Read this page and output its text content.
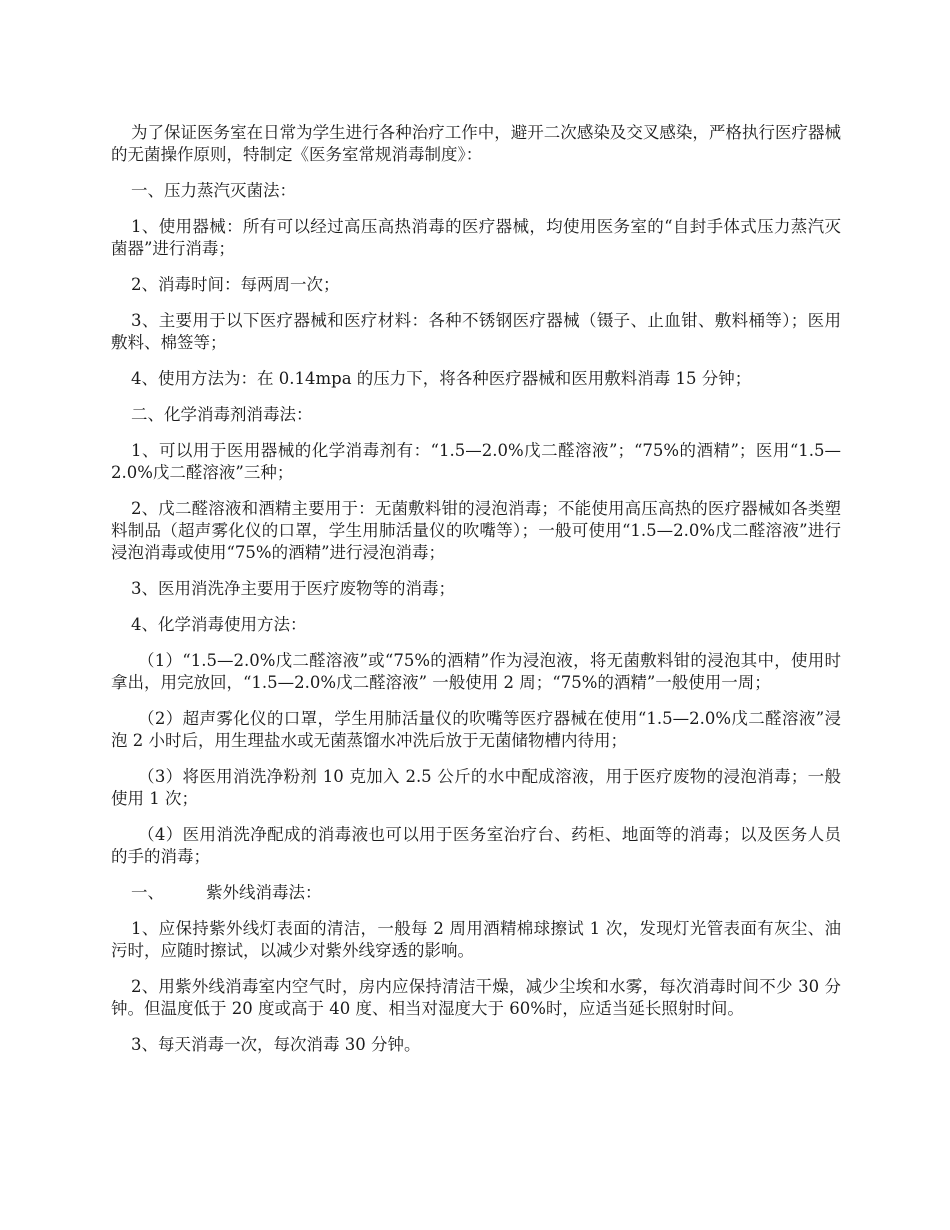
为了保证医务室在日常为学生进行各种治疗工作中，避开二次感染及交叉感染，严格执行医疗器械的无菌操作原则，特制定《医务室常规消毒制度》：

一、压力蒸汽灭菌法：

1、使用器械：所有可以经过高压高热消毒的医疗器械，均使用医务室的“自封手体式压力蒸汽灭菌器”进行消毒；

2、消毒时间：每两周一次；

3、主要用于以下医疗器械和医疗材料：各种不锈钢医疗器械（镊子、止血钳、敷料桶等）；医用敷料、棉签等；

4、使用方法为：在 0.14mpa 的压力下，将各种医疗器械和医用敷料消毒 15 分钟；

二、化学消毒剂消毒法：

1、可以用于医用器械的化学消毒剂有：“1.5—2.0%戊二醛溶液”；“75%的酒精”；医用“1.5—2.0%戊二醛溶液”三种；

2、戊二醛溶液和酒精主要用于：无菌敷料钳的浸泡消毒；不能使用高压高热的医疗器械如各类塑料制品（超声雾化仪的口罩，学生用肺活量仪的吹嘴等）；一般可使用“1.5—2.0%戊二醛溶液”进行浸泡消毒或使用“75%的酒精”进行浸泡消毒；

3、医用消洗净主要用于医疗废物等的消毒；

4、化学消毒使用方法：

（1）“1.5—2.0%戊二醛溶液”或“75%的酒精”作为浸泡液，将无菌敷料钳的浸泡其中，使用时拿出，用完放回，“1.5—2.0%戊二醛溶液” 一般使用 2 周；“75%的酒精”一般使用一周；

（2）超声雾化仪的口罩，学生用肺活量仪的吹嘴等医疗器械在使用“1.5—2.0%戊二醛溶液”浸泡 2 小时后，用生理盐水或无菌蒸馏水冲洗后放于无菌储物槽内待用；

（3）将医用消洗净粉剂 10 克加入 2.5 公斤的水中配成溶液，用于医疗废物的浸泡消毒；一般使用 1 次；

（4）医用消洗净配成的消毒液也可以用于医务室治疗台、药柜、地面等的消毒；以及医务人员的手的消毒；

一、        紫外线消毒法：

1、应保持紫外线灯表面的清洁，一般每 2 周用酒精棉球擦试 1 次，发现灯光管表面有灰尘、油污时，应随时擦试，以减少对紫外线穿透的影响。

2、用紫外线消毒室内空气时，房内应保持清洁干燥，减少尘埃和水雾，每次消毒时间不少 30 分钟。但温度低于 20 度或高于 40 度、相当对湿度大于 60%时，应适当延长照射时间。

3、每天消毒一次，每次消毒 30 分钟。
